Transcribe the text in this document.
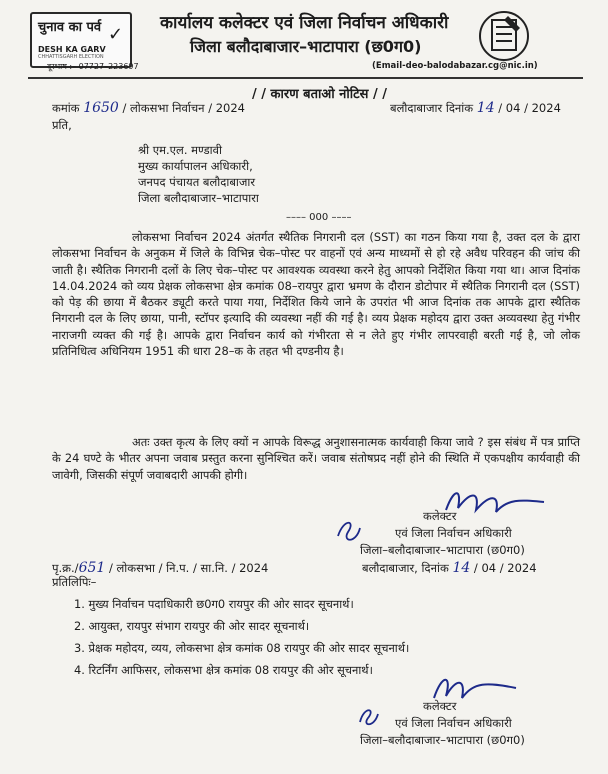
चुनाव का पर्व ✓
DESH KA GARV
CHHATTISGARH ELECTION
कार्यालय कलेक्टर एवं जिला निर्वाचन अधिकारी
जिला बलौदाबाजार–भाटापारा (छ0ग0)
दूरभाष :– 07727–223697	(Email-deo-balodabazar.cg@nic.in)
/ / कारण बताओ नोटिस / /
कमांक 1650 / लोकसभा निर्वाचन / 2024	बलौदाबाजार दिनांक 14 / 04 / 2024
प्रति,
श्री एम.एल. मण्डावी
मुख्य कार्यापालन अधिकारी,
जनपद पंचायत बलौदाबाजार
जिला बलौदाबाजार–भाटापारा
–––– 000 ––––

लोकसभा निर्वाचन 2024 अंतर्गत स्थैतिक निगरानी दल (SST) का गठन किया गया है, उक्त दल के द्वारा लोकसभा निर्वाचन के अनुकम में जिले के विभिन्न चेक–पोस्ट पर वाहनों एवं अन्य माध्यमों से हो रहे अवैध परिवहन की जांच की जाती है। स्थैतिक निगरानी दलों के लिए चेक–पोस्ट पर आवश्यक व्यवस्था करने हेतु आपको निर्देशित किया गया था। आज दिनांक 14.04.2024 को व्यय प्रेक्षक लोकसभा क्षेत्र कमांक 08–रायपुर द्वारा भ्रमण के दौरान डोटोपार में स्थैतिक निगरानी दल (SST) को पेड़ की छाया में बैठकर ड्यूटी करते पाया गया, निर्देशित किये जाने के उपरांत भी आज दिनांक तक आपके द्वारा स्थैतिक निगरानी दल के लिए छाया, पानी, स्टॉपर इत्यादि की व्यवस्था नहीं की गई है। व्यय प्रेक्षक महोदय द्वारा उक्त अव्यवस्था हेतु गंभीर नाराजगी व्यक्त की गई है। आपके द्वारा निर्वाचन कार्य को गंभीरता से न लेते हुए गंभीर लापरवाही बरती गई है, जो लोक प्रतिनिधित्व अधिनियम 1951 की धारा 28–क के तहत भी दण्डनीय है।

अतः उक्त कृत्य के लिए क्यों न आपके विरूद्ध अनुशासनात्मक कार्यवाही किया जावे ? इस संबंध में पत्र प्राप्ति के 24 घण्टे के भीतर अपना जवाब प्रस्तुत करना सुनिश्चित करें। जवाब संतोषप्रद नहीं होने की स्थिति में एकपक्षीय कार्यवाही की जावेगी, जिसकी संपूर्ण जवाबदारी आपकी होगी।

कलेक्टर
एवं जिला निर्वाचन अधिकारी
जिला–बलौदाबाजार–भाटापारा (छ0ग0)
पृ.क्र./651 / लोकसभा / नि.प. / सा.नि. / 2024	बलौदाबाजार, दिनांक 14 / 04 / 2024
प्रतिलिपिः–
1. मुख्य निर्वाचन पदाधिकारी छ0ग0 रायपुर की ओर सादर सूचनार्थ।
2. आयुक्त, रायपुर संभाग रायपुर की ओर सादर सूचनार्थ।
3. प्रेक्षक महोदय, व्यय, लोकसभा क्षेत्र कमांक 08 रायपुर की ओर सादर सूचनार्थ।
4. रिटर्निंग आफिसर, लोकसभा क्षेत्र कमांक 08 रायपुर की ओर सूचनार्थ।
कलेक्टर
एवं जिला निर्वाचन अधिकारी
जिला–बलौदाबाजार–भाटापारा (छ0ग0)
